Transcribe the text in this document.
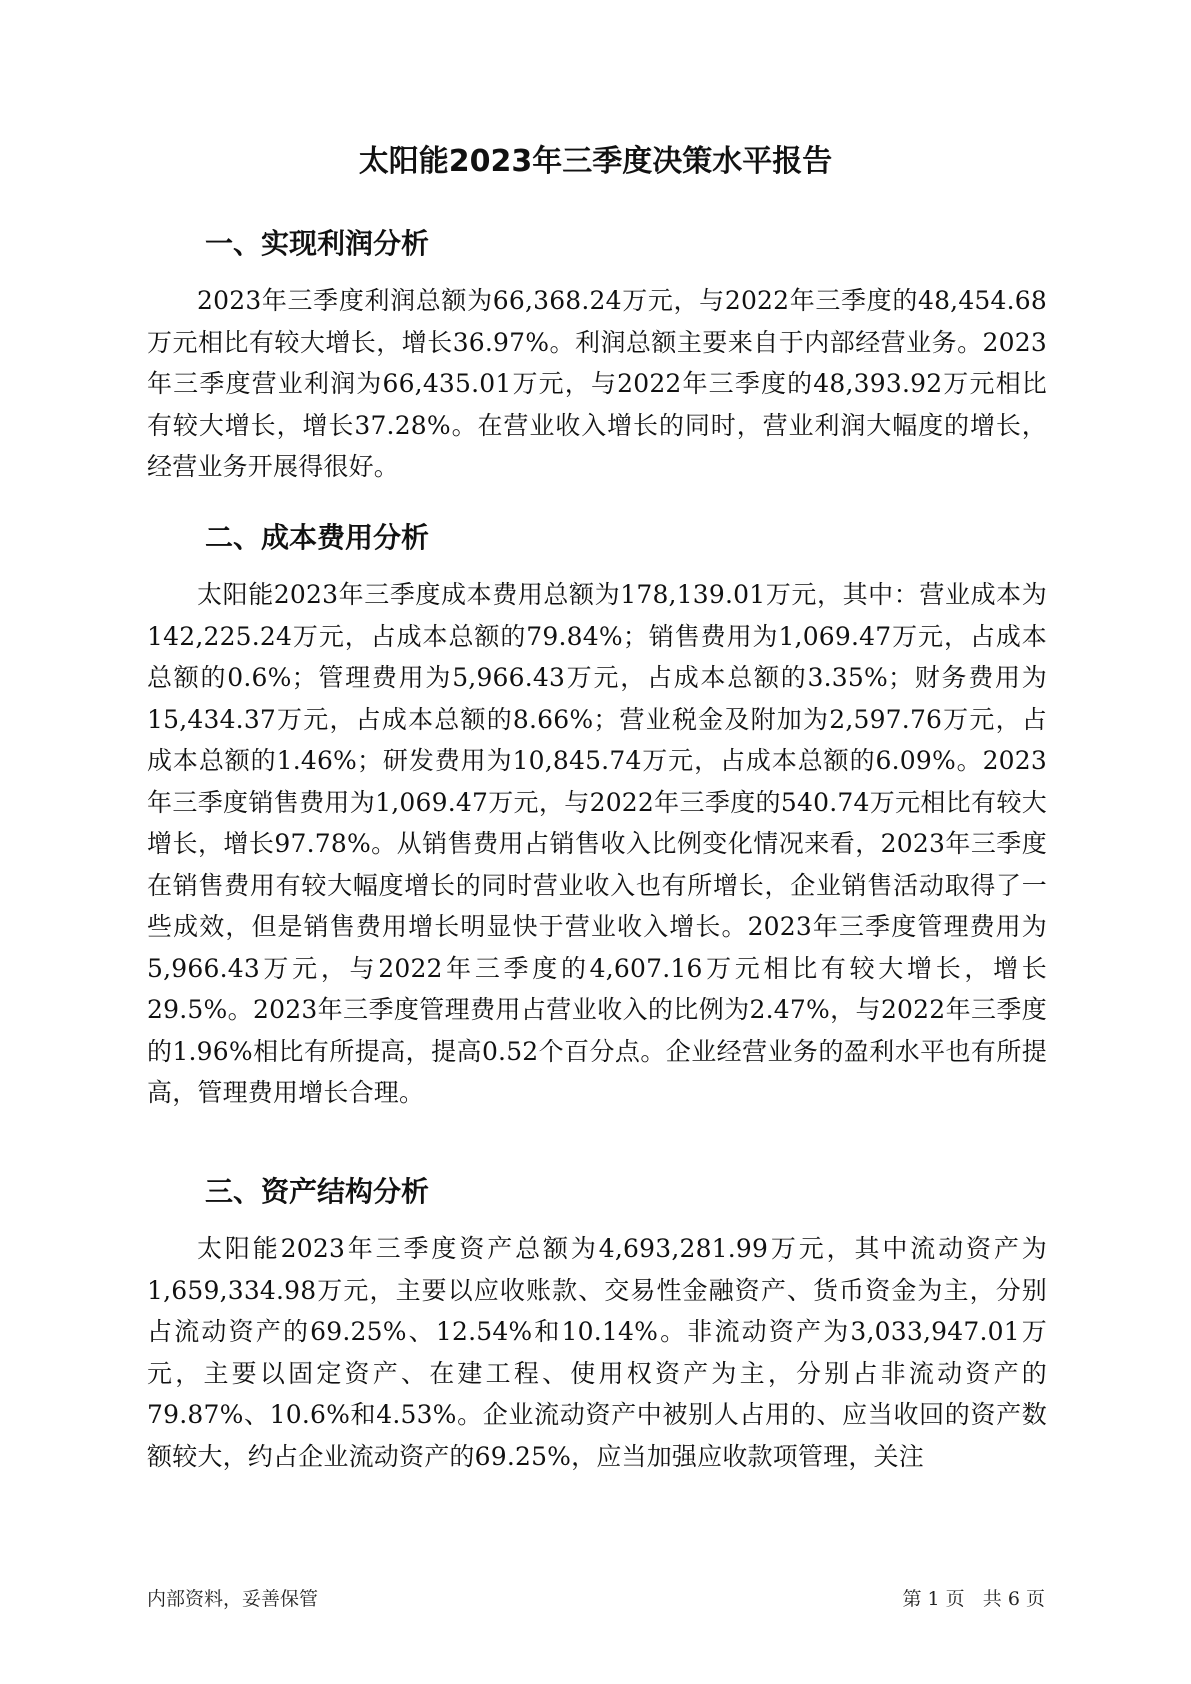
太阳能2023年三季度决策水平报告
一、实现利润分析

2023年三季度利润总额为66,368.24万元，与2022年三季度的48,454.68万元相比有较大增长，增长36.97%。利润总额主要来自于内部经营业务。2023年三季度营业利润为66,435.01万元，与2022年三季度的48,393.92万元相比有较大增长，增长37.28%。在营业收入增长的同时，营业利润大幅度的增长，经营业务开展得很好。

二、成本费用分析

太阳能2023年三季度成本费用总额为178,139.01万元，其中：营业成本为142,225.24万元，占成本总额的79.84%；销售费用为1,069.47万元，占成本总额的0.6%；管理费用为5,966.43万元，占成本总额的3.35%；财务费用为15,434.37万元，占成本总额的8.66%；营业税金及附加为2,597.76万元，占成本总额的1.46%；研发费用为10,845.74万元，占成本总额的6.09%。2023年三季度销售费用为1,069.47万元，与2022年三季度的540.74万元相比有较大增长，增长97.78%。从销售费用占销售收入比例变化情况来看，2023年三季度在销售费用有较大幅度增长的同时营业收入也有所增长，企业销售活动取得了一些成效，但是销售费用增长明显快于营业收入增长。2023年三季度管理费用为5,966.43万元，与2022年三季度的4,607.16万元相比有较大增长，增长29.5%。2023年三季度管理费用占营业收入的比例为2.47%，与2022年三季度的1.96%相比有所提高，提高0.52个百分点。企业经营业务的盈利水平也有所提高，管理费用增长合理。

三、资产结构分析

太阳能2023年三季度资产总额为4,693,281.99万元，其中流动资产为1,659,334.98万元，主要以应收账款、交易性金融资产、货币资金为主，分别占流动资产的69.25%、12.54%和10.14%。非流动资产为3,033,947.01万元，主要以固定资产、在建工程、使用权资产为主，分别占非流动资产的79.87%、10.6%和4.53%。企业流动资产中被别人占用的、应当收回的资产数额较大，约占企业流动资产的69.25%，应当加强应收款项管理，关注

内部资料，妥善保管	第 1 页 共 6 页
